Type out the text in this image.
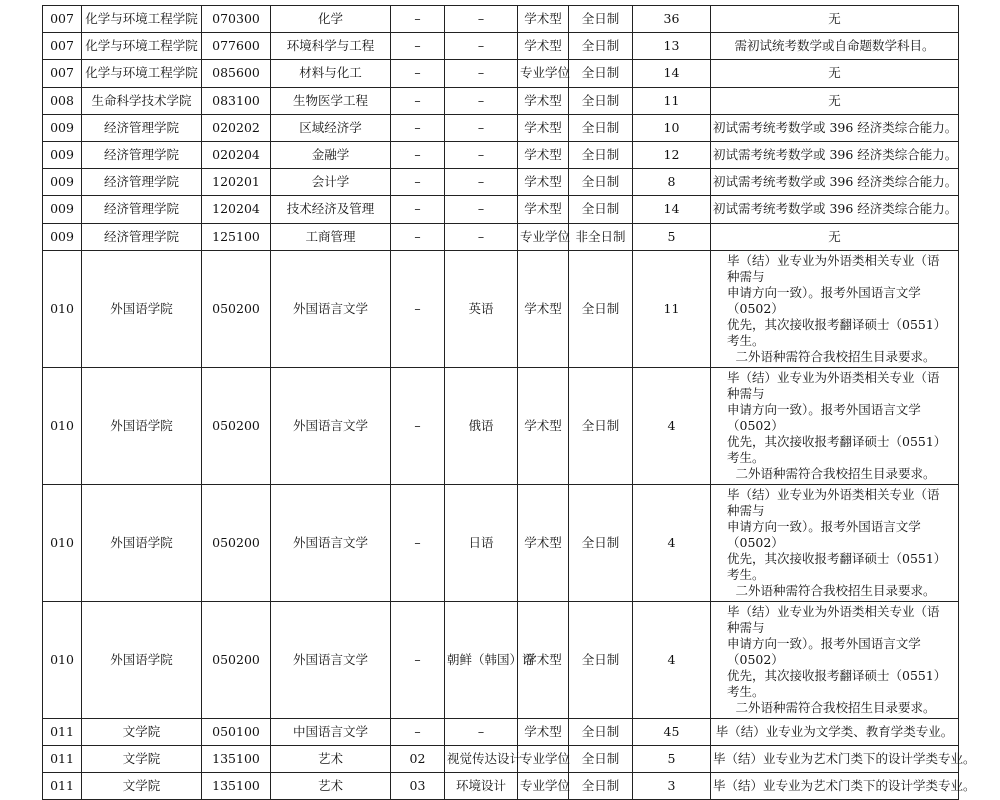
007	化学与环境工程学院	070300	化学	–	–	学术型	全日制	36	无
007	化学与环境工程学院	077600	环境科学与工程	–	–	学术型	全日制	13	需初试统考数学或自命题数学科目。
007	化学与环境工程学院	085600	材料与化工	–	–	专业学位	全日制	14	无
008	生命科学技术学院	083100	生物医学工程	–	–	学术型	全日制	11	无
009	经济管理学院	020202	区域经济学	–	–	学术型	全日制	10	初试需考统考数学或 396 经济类综合能力。
009	经济管理学院	020204	金融学	–	–	学术型	全日制	12	初试需考统考数学或 396 经济类综合能力。
009	经济管理学院	120201	会计学	–	–	学术型	全日制	8	初试需考统考数学或 396 经济类综合能力。
009	经济管理学院	120204	技术经济及管理	–	–	学术型	全日制	14	初试需考统考数学或 396 经济类综合能力。
009	经济管理学院	125100	工商管理	–	–	专业学位	非全日制	5	无
010	外国语学院	050200	外国语言文学	–	英语	学术型	全日制	11	毕（结）业专业为外语类相关专业（语种需与
申请方向一致）。报考外国语言文学（0502）
优先，其次接收报考翻译硕士（0551）考生。
二外语种需符合我校招生目录要求。

010	外国语学院	050200	外国语言文学	–	俄语	学术型	全日制	4	毕（结）业专业为外语类相关专业（语种需与
申请方向一致）。报考外国语言文学（0502）
优先，其次接收报考翻译硕士（0551）考生。
二外语种需符合我校招生目录要求。

010	外国语学院	050200	外国语言文学	–	日语	学术型	全日制	4	毕（结）业专业为外语类相关专业（语种需与
申请方向一致）。报考外国语言文学（0502）
优先，其次接收报考翻译硕士（0551）考生。
二外语种需符合我校招生目录要求。

010	外国语学院	050200	外国语言文学	–	朝鲜（韩国）语	学术型	全日制	4	毕（结）业专业为外语类相关专业（语种需与
申请方向一致）。报考外国语言文学（0502）
优先，其次接收报考翻译硕士（0551）考生。
二外语种需符合我校招生目录要求。

011	文学院	050100	中国语言文学	–	–	学术型	全日制	45	毕（结）业专业为文学类、教育学类专业。
011	文学院	135100	艺术	02	视觉传达设计	专业学位	全日制	5	毕（结）业专业为艺术门类下的设计学类专业。
011	文学院	135100	艺术	03	环境设计	专业学位	全日制	3	毕（结）业专业为艺术门类下的设计学类专业。
